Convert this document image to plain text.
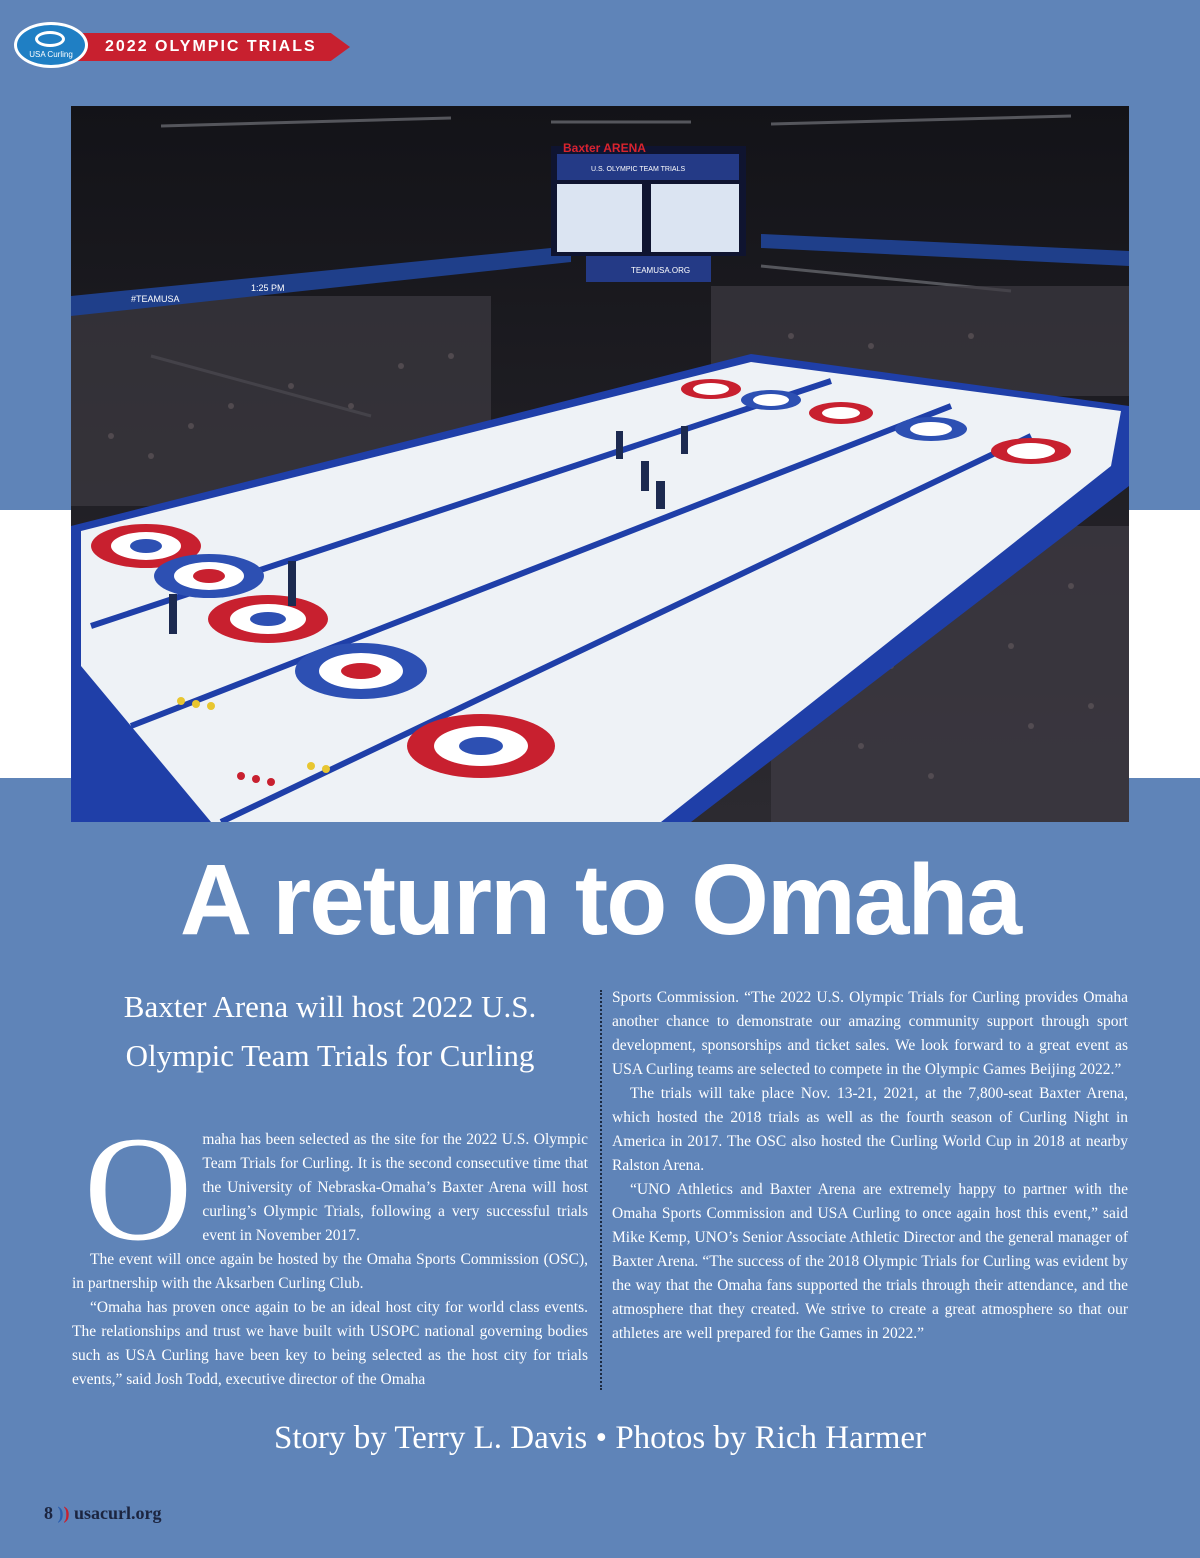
2022 OLYMPIC TRIALS
USA Curling
#TEAMUSA
1:25 PM
Baxter ARENA
U.S. OLYMPIC TEAM TRIALS
TEAMUSA.ORG
A return to Omaha
Baxter Arena will host 2022 U.S. Olympic Team Trials for Curling
O maha has been selected as the site for the 2022 U.S. Olympic Team Trials for Curling. It is the second consecutive time that the University of Nebraska-Omaha’s Baxter Arena will host curling’s Olympic Trials, following a very successful trials event in November 2017.

The event will once again be hosted by the Omaha Sports Commission (OSC), in partnership with the Aksarben Curling Club.

“Omaha has proven once again to be an ideal host city for world class events. The relationships and trust we have built with USOPC national governing bodies such as USA Curling have been key to being selected as the host city for trials events,” said Josh Todd, executive director of the Omaha

Sports Commission. “The 2022 U.S. Olympic Trials for Curling provides Omaha another chance to demonstrate our amazing community support through sport development, sponsorships and ticket sales. We look forward to a great event as USA Curling teams are selected to compete in the Olympic Games Beijing 2022.”

The trials will take place Nov. 13-21, 2021, at the 7,800-seat Baxter Arena, which hosted the 2018 trials as well as the fourth season of Curling Night in America in 2017. The OSC also hosted the Curling World Cup in 2018 at nearby Ralston Arena.

“UNO Athletics and Baxter Arena are extremely happy to partner with the Omaha Sports Commission and USA Curling to once again host this event,” said Mike Kemp, UNO’s Senior Associate Athletic Director and the general manager of Baxter Arena. “The success of the 2018 Olympic Trials for Curling was evident by the way that the Omaha fans supported the trials through their attendance, and the atmosphere that they created. We strive to create a great atmosphere so that our athletes are well prepared for the Games in 2022.”

Story by Terry L. Davis • Photos by Rich Harmer
8 )) usacurl.org
